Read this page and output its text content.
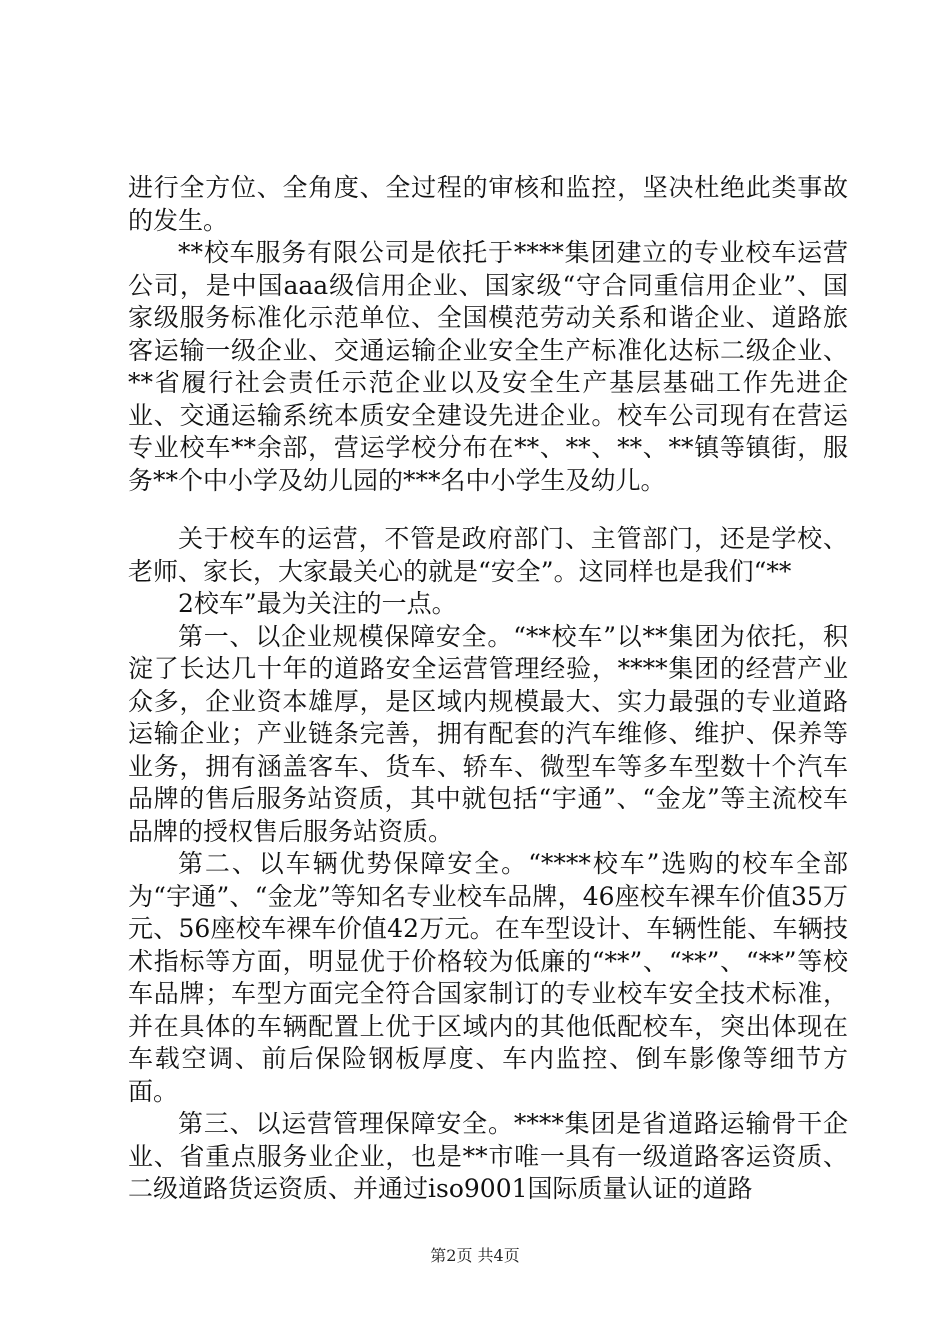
进行全方位、全角度、全过程的审核和监控，坚决杜绝此类事故的发生。

**校车服务有限公司是依托于****集团建立的专业校车运营公司，是中国aaa级信用企业、国家级“守合同重信用企业”、国家级服务标准化示范单位、全国模范劳动关系和谐企业、道路旅客运输一级企业、交通运输企业安全生产标准化达标二级企业、**省履行社会责任示范企业以及安全生产基层基础工作先进企业、交通运输系统本质安全建设先进企业。校车公司现有在营运专业校车**余部，营运学校分布在**、**、**、**镇等镇街，服务**个中小学及幼儿园的***名中小学生及幼儿。

关于校车的运营，不管是政府部门、主管部门，还是学校、老师、家长，大家最关心的就是“安全”。这同样也是我们“**

2校车”最为关注的一点。

第一、以企业规模保障安全。“**校车”以**集团为依托，积淀了长达几十年的道路安全运营管理经验，****集团的经营产业众多，企业资本雄厚，是区域内规模最大、实力最强的专业道路运输企业；产业链条完善，拥有配套的汽车维修、维护、保养等业务，拥有涵盖客车、货车、轿车、微型车等多车型数十个汽车品牌的售后服务站资质，其中就包括“宇通”、“金龙”等主流校车品牌的授权售后服务站资质。

第二、以车辆优势保障安全。“****校车”选购的校车全部为“宇通”、“金龙”等知名专业校车品牌，46座校车裸车价值35万元、56座校车裸车价值42万元。在车型设计、车辆性能、车辆技术指标等方面，明显优于价格较为低廉的“**”、“**”、“**”等校车品牌；车型方面完全符合国家制订的专业校车安全技术标准，并在具体的车辆配置上优于区域内的其他低配校车，突出体现在车载空调、前后保险钢板厚度、车内监控、倒车影像等细节方面。

第三、以运营管理保障安全。****集团是省道路运输骨干企业、省重点服务业企业，也是**市唯一具有一级道路客运资质、二级道路货运资质、并通过iso9001国际质量认证的道路

第2页 共4页
